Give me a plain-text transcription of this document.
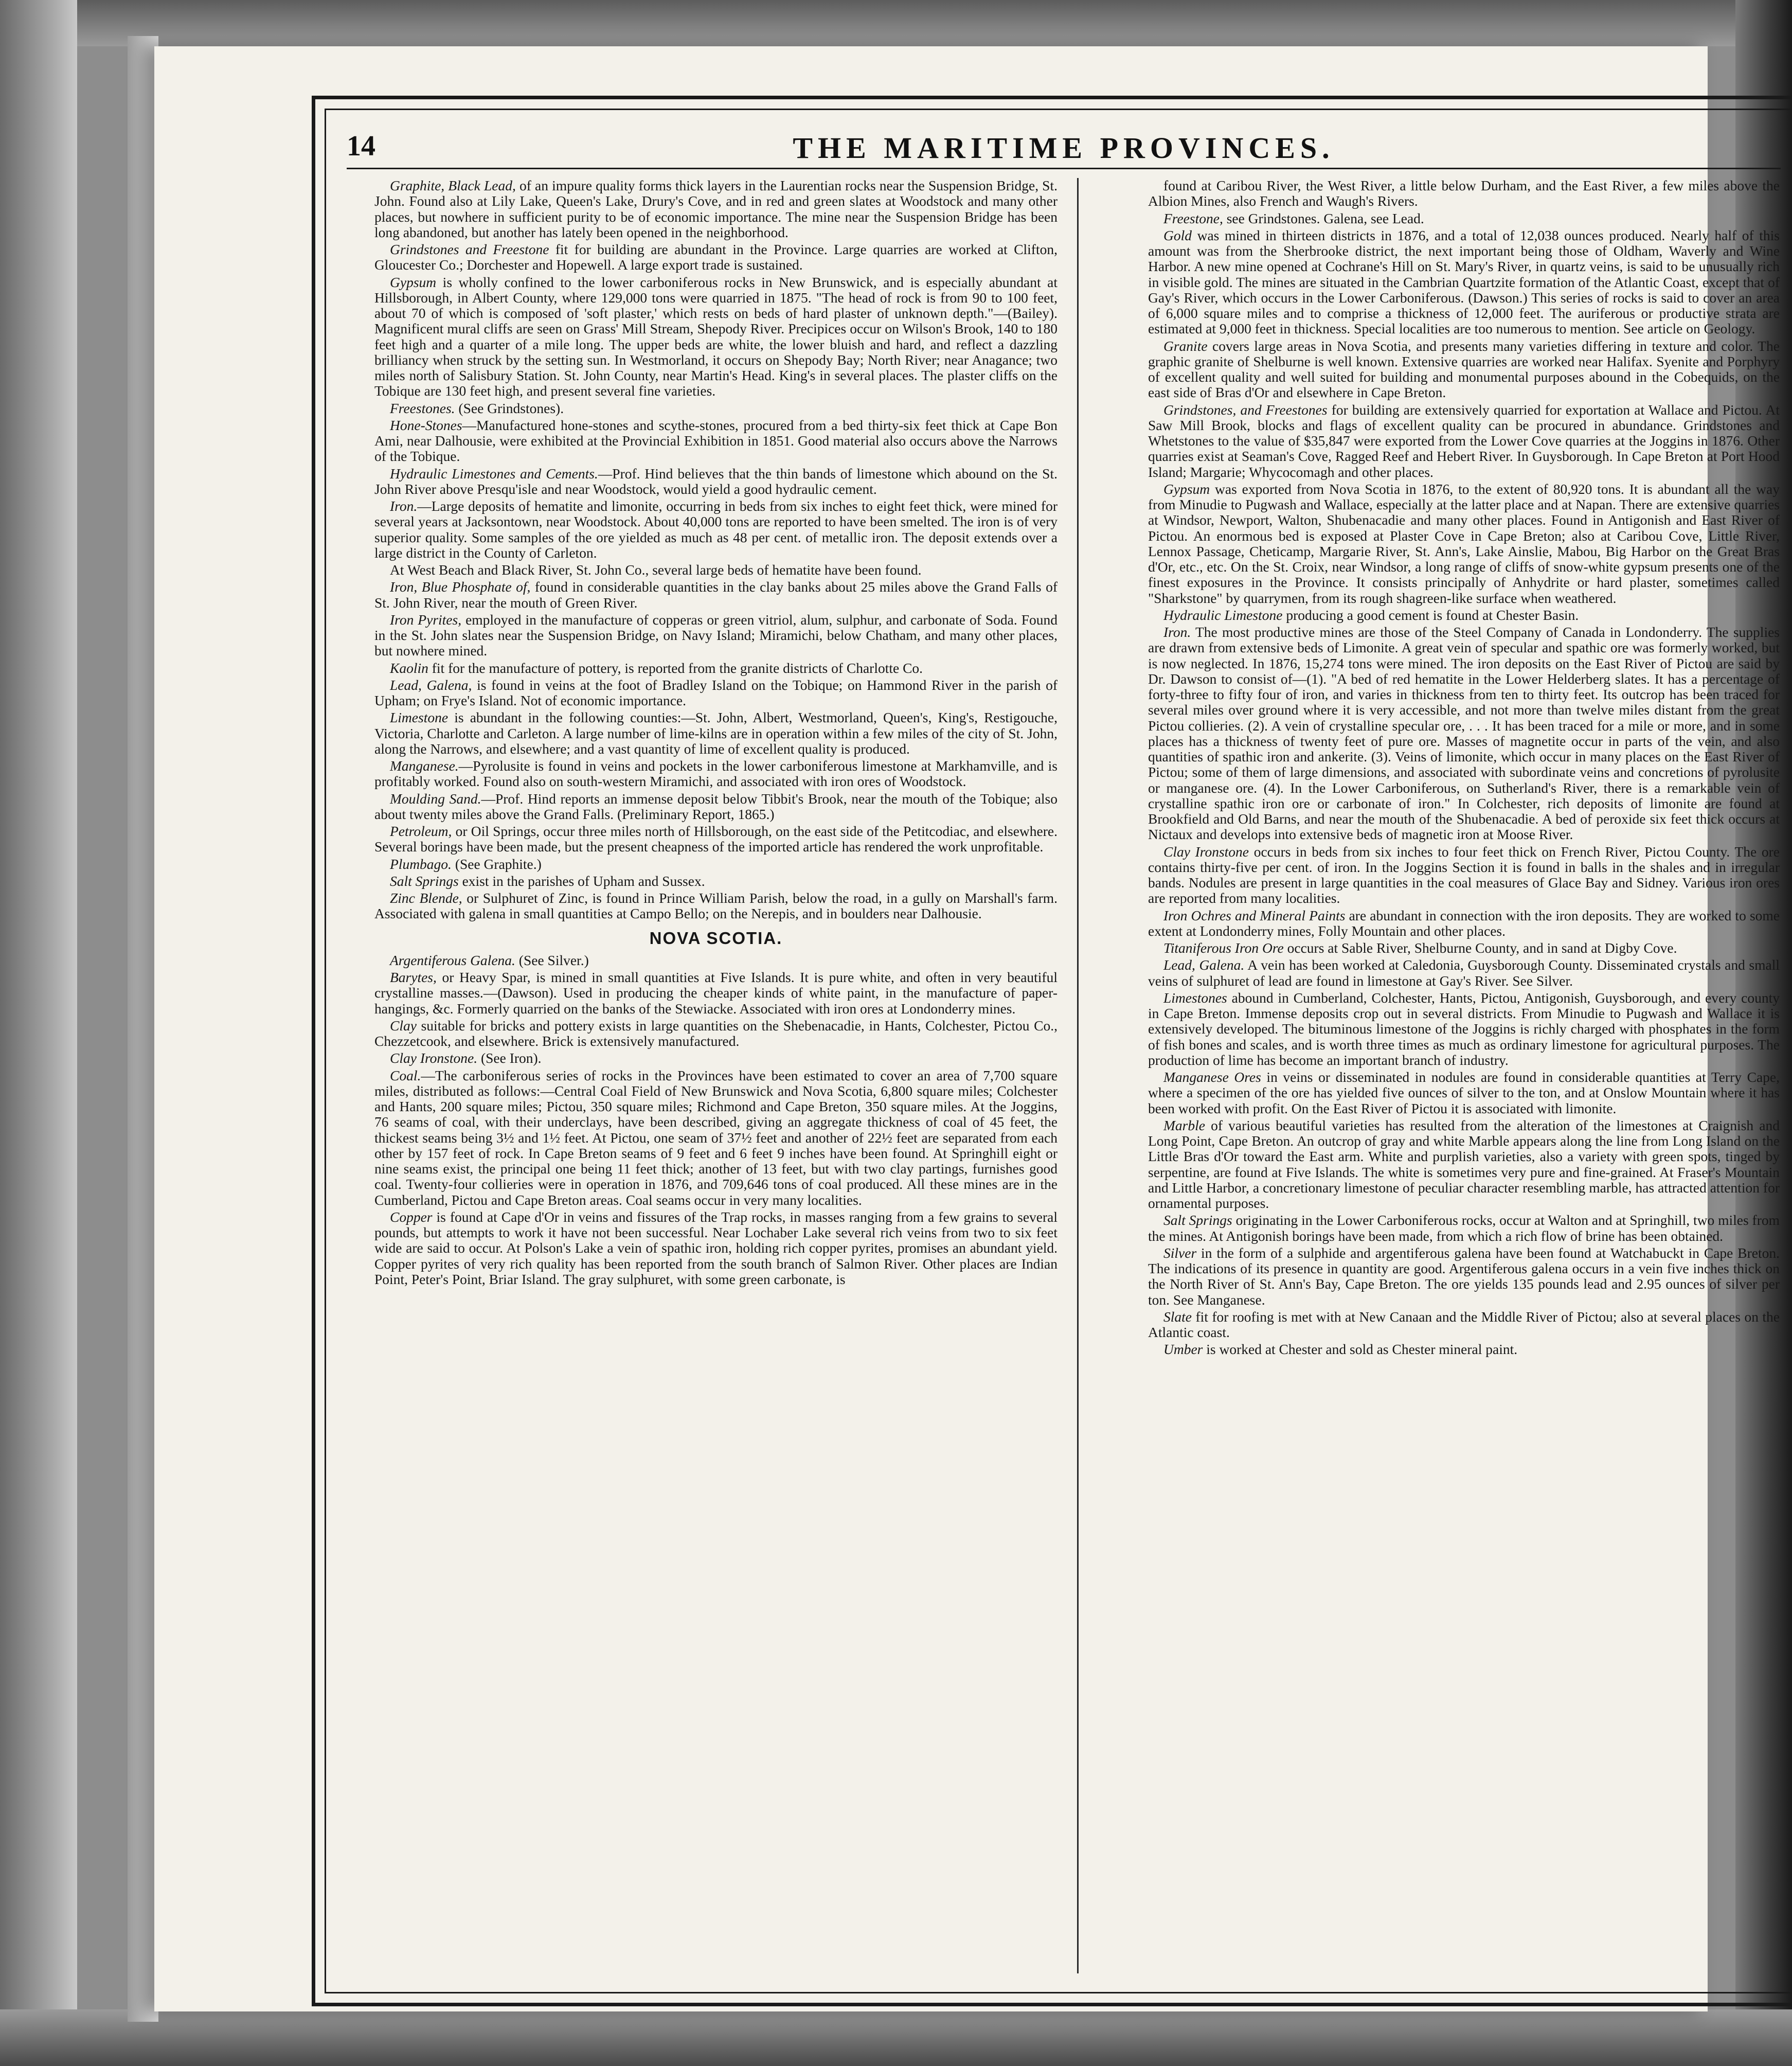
14	THE MARITIME PROVINCES.

Graphite, Black Lead, of an impure quality forms thick layers in the Laurentian rocks near the Suspension Bridge, St. John. Found also at Lily Lake, Queen's Lake, Drury's Cove, and in red and green slates at Woodstock and many other places, but nowhere in sufficient purity to be of economic importance. The mine near the Suspension Bridge has been long abandoned, but another has lately been opened in the neighborhood.

Grindstones and Freestone fit for building are abundant in the Province. Large quarries are worked at Clifton, Gloucester Co.; Dorchester and Hopewell. A large export trade is sustained.

Gypsum is wholly confined to the lower carboniferous rocks in New Brunswick, and is especially abundant at Hillsborough, in Albert County, where 129,000 tons were quarried in 1875. "The head of rock is from 90 to 100 feet, about 70 of which is composed of 'soft plaster,' which rests on beds of hard plaster of unknown depth."—(Bailey). Magnificent mural cliffs are seen on Grass' Mill Stream, Shepody River. Precipices occur on Wilson's Brook, 140 to 180 feet high and a quarter of a mile long. The upper beds are white, the lower bluish and hard, and reflect a dazzling brilliancy when struck by the setting sun. In Westmorland, it occurs on Shepody Bay; North River; near Anagance; two miles north of Salisbury Station. St. John County, near Martin's Head. King's in several places. The plaster cliffs on the Tobique are 130 feet high, and present several fine varieties.

Freestones. (See Grindstones).

Hone-Stones—Manufactured hone-stones and scythe-stones, procured from a bed thirty-six feet thick at Cape Bon Ami, near Dalhousie, were exhibited at the Provincial Exhibition in 1851. Good material also occurs above the Narrows of the Tobique.

Hydraulic Limestones and Cements.—Prof. Hind believes that the thin bands of limestone which abound on the St. John River above Presqu'isle and near Woodstock, would yield a good hydraulic cement.

Iron.—Large deposits of hematite and limonite, occurring in beds from six inches to eight feet thick, were mined for several years at Jacksontown, near Woodstock. About 40,000 tons are reported to have been smelted. The iron is of very superior quality. Some samples of the ore yielded as much as 48 per cent. of metallic iron. The deposit extends over a large district in the County of Carleton.

At West Beach and Black River, St. John Co., several large beds of hematite have been found.

Iron, Blue Phosphate of, found in considerable quantities in the clay banks about 25 miles above the Grand Falls of St. John River, near the mouth of Green River.

Iron Pyrites, employed in the manufacture of copperas or green vitriol, alum, sulphur, and carbonate of Soda. Found in the St. John slates near the Suspension Bridge, on Navy Island; Miramichi, below Chatham, and many other places, but nowhere mined.

Kaolin fit for the manufacture of pottery, is reported from the granite districts of Charlotte Co.

Lead, Galena, is found in veins at the foot of Bradley Island on the Tobique; on Hammond River in the parish of Upham; on Frye's Island. Not of economic importance.

Limestone is abundant in the following counties:—St. John, Albert, Westmorland, Queen's, King's, Restigouche, Victoria, Charlotte and Carleton. A large number of lime-kilns are in operation within a few miles of the city of St. John, along the Narrows, and elsewhere; and a vast quantity of lime of excellent quality is produced.

Manganese.—Pyrolusite is found in veins and pockets in the lower carboniferous limestone at Markhamville, and is profitably worked. Found also on south-western Miramichi, and associated with iron ores of Woodstock.

Moulding Sand.—Prof. Hind reports an immense deposit below Tibbit's Brook, near the mouth of the Tobique; also about twenty miles above the Grand Falls. (Preliminary Report, 1865.)

Petroleum, or Oil Springs, occur three miles north of Hillsborough, on the east side of the Petitcodiac, and elsewhere. Several borings have been made, but the present cheapness of the imported article has rendered the work unprofitable.

Plumbago. (See Graphite.)

Salt Springs exist in the parishes of Upham and Sussex.

Zinc Blende, or Sulphuret of Zinc, is found in Prince William Parish, below the road, in a gully on Marshall's farm. Associated with galena in small quantities at Campo Bello; on the Nerepis, and in boulders near Dalhousie.

NOVA SCOTIA.

Argentiferous Galena. (See Silver.)

Barytes, or Heavy Spar, is mined in small quantities at Five Islands. It is pure white, and often in very beautiful crystalline masses.—(Dawson). Used in producing the cheaper kinds of white paint, in the manufacture of paper-hangings, &c. Formerly quarried on the banks of the Stewiacke. Associated with iron ores at Londonderry mines.

Clay suitable for bricks and pottery exists in large quantities on the Shebenacadie, in Hants, Colchester, Pictou Co., Chezzetcook, and elsewhere. Brick is extensively manufactured.

Clay Ironstone. (See Iron).

Coal.—The carboniferous series of rocks in the Provinces have been estimated to cover an area of 7,700 square miles, distributed as follows:—Central Coal Field of New Brunswick and Nova Scotia, 6,800 square miles; Colchester and Hants, 200 square miles; Pictou, 350 square miles; Richmond and Cape Breton, 350 square miles. At the Joggins, 76 seams of coal, with their underclays, have been described, giving an aggregate thickness of coal of 45 feet, the thickest seams being 3½ and 1½ feet. At Pictou, one seam of 37½ feet and another of 22½ feet are separated from each other by 157 feet of rock. In Cape Breton seams of 9 feet and 6 feet 9 inches have been found. At Springhill eight or nine seams exist, the principal one being 11 feet thick; another of 13 feet, but with two clay partings, furnishes good coal. Twenty-four collieries were in operation in 1876, and 709,646 tons of coal produced. All these mines are in the Cumberland, Pictou and Cape Breton areas. Coal seams occur in very many localities.

Copper is found at Cape d'Or in veins and fissures of the Trap rocks, in masses ranging from a few grains to several pounds, but attempts to work it have not been successful. Near Lochaber Lake several rich veins from two to six feet wide are said to occur. At Polson's Lake a vein of spathic iron, holding rich copper pyrites, promises an abundant yield. Copper pyrites of very rich quality has been reported from the south branch of Salmon River. Other places are Indian Point, Peter's Point, Briar Island. The gray sulphuret, with some green carbonate, is

found at Caribou River, the West River, a little below Durham, and the East River, a few miles above the Albion Mines, also French and Waugh's Rivers.

Freestone, see Grindstones. Galena, see Lead.

Gold was mined in thirteen districts in 1876, and a total of 12,038 ounces produced. Nearly half of this amount was from the Sherbrooke district, the next important being those of Oldham, Waverly and Wine Harbor. A new mine opened at Cochrane's Hill on St. Mary's River, in quartz veins, is said to be unusually rich in visible gold. The mines are situated in the Cambrian Quartzite formation of the Atlantic Coast, except that of Gay's River, which occurs in the Lower Carboniferous. (Dawson.) This series of rocks is said to cover an area of 6,000 square miles and to comprise a thickness of 12,000 feet. The auriferous or productive strata are estimated at 9,000 feet in thickness. Special localities are too numerous to mention. See article on Geology.

Granite covers large areas in Nova Scotia, and presents many varieties differing in texture and color. The graphic granite of Shelburne is well known. Extensive quarries are worked near Halifax. Syenite and Porphyry of excellent quality and well suited for building and monumental purposes abound in the Cobequids, on the east side of Bras d'Or and elsewhere in Cape Breton.

Grindstones, and Freestones for building are extensively quarried for exportation at Wallace and Pictou. At Saw Mill Brook, blocks and flags of excellent quality can be procured in abundance. Grindstones and Whetstones to the value of $35,847 were exported from the Lower Cove quarries at the Joggins in 1876. Other quarries exist at Seaman's Cove, Ragged Reef and Hebert River. In Guysborough. In Cape Breton at Port Hood Island; Margarie; Whycocomagh and other places.

Gypsum was exported from Nova Scotia in 1876, to the extent of 80,920 tons. It is abundant all the way from Minudie to Pugwash and Wallace, especially at the latter place and at Napan. There are extensive quarries at Windsor, Newport, Walton, Shubenacadie and many other places. Found in Antigonish and East River of Pictou. An enormous bed is exposed at Plaster Cove in Cape Breton; also at Caribou Cove, Little River, Lennox Passage, Cheticamp, Margarie River, St. Ann's, Lake Ainslie, Mabou, Big Harbor on the Great Bras d'Or, etc., etc. On the St. Croix, near Windsor, a long range of cliffs of snow-white gypsum presents one of the finest exposures in the Province. It consists principally of Anhydrite or hard plaster, sometimes called "Sharkstone" by quarrymen, from its rough shagreen-like surface when weathered.

Hydraulic Limestone producing a good cement is found at Chester Basin.

Iron. The most productive mines are those of the Steel Company of Canada in Londonderry. The supplies are drawn from extensive beds of Limonite. A great vein of specular and spathic ore was formerly worked, but is now neglected. In 1876, 15,274 tons were mined. The iron deposits on the East River of Pictou are said by Dr. Dawson to consist of—(1). "A bed of red hematite in the Lower Helderberg slates. It has a percentage of forty-three to fifty four of iron, and varies in thickness from ten to thirty feet. Its outcrop has been traced for several miles over ground where it is very accessible, and not more than twelve miles distant from the great Pictou collieries. (2). A vein of crystalline specular ore, . . . It has been traced for a mile or more, and in some places has a thickness of twenty feet of pure ore. Masses of magnetite occur in parts of the vein, and also quantities of spathic iron and ankerite. (3). Veins of limonite, which occur in many places on the East River of Pictou; some of them of large dimensions, and associated with subordinate veins and concretions of pyrolusite or manganese ore. (4). In the Lower Carboniferous, on Sutherland's River, there is a remarkable vein of crystalline spathic iron ore or carbonate of iron." In Colchester, rich deposits of limonite are found at Brookfield and Old Barns, and near the mouth of the Shubenacadie. A bed of peroxide six feet thick occurs at Nictaux and develops into extensive beds of magnetic iron at Moose River.

Clay Ironstone occurs in beds from six inches to four feet thick on French River, Pictou County. The ore contains thirty-five per cent. of iron. In the Joggins Section it is found in balls in the shales and in irregular bands. Nodules are present in large quantities in the coal measures of Glace Bay and Sidney. Various iron ores are reported from many localities.

Iron Ochres and Mineral Paints are abundant in connection with the iron deposits. They are worked to some extent at Londonderry mines, Folly Mountain and other places.

Titaniferous Iron Ore occurs at Sable River, Shelburne County, and in sand at Digby Cove.

Lead, Galena. A vein has been worked at Caledonia, Guysborough County. Disseminated crystals and small veins of sulphuret of lead are found in limestone at Gay's River. See Silver.

Limestones abound in Cumberland, Colchester, Hants, Pictou, Antigonish, Guysborough, and every county in Cape Breton. Immense deposits crop out in several districts. From Minudie to Pugwash and Wallace it is extensively developed. The bituminous limestone of the Joggins is richly charged with phosphates in the form of fish bones and scales, and is worth three times as much as ordinary limestone for agricultural purposes. The production of lime has become an important branch of industry.

Manganese Ores in veins or disseminated in nodules are found in considerable quantities at Terry Cape, where a specimen of the ore has yielded five ounces of silver to the ton, and at Onslow Mountain where it has been worked with profit. On the East River of Pictou it is associated with limonite.

Marble of various beautiful varieties has resulted from the alteration of the limestones at Craignish and Long Point, Cape Breton. An outcrop of gray and white Marble appears along the line from Long Island on the Little Bras d'Or toward the East arm. White and purplish varieties, also a variety with green spots, tinged by serpentine, are found at Five Islands. The white is sometimes very pure and fine-grained. At Fraser's Mountain and Little Harbor, a concretionary limestone of peculiar character resembling marble, has attracted attention for ornamental purposes.

Salt Springs originating in the Lower Carboniferous rocks, occur at Walton and at Springhill, two miles from the mines. At Antigonish borings have been made, from which a rich flow of brine has been obtained.

Silver in the form of a sulphide and argentiferous galena have been found at Watchabuckt in Cape Breton. The indications of its presence in quantity are good. Argentiferous galena occurs in a vein five inches thick on the North River of St. Ann's Bay, Cape Breton. The ore yields 135 pounds lead and 2.95 ounces of silver per ton. See Manganese.

Slate fit for roofing is met with at New Canaan and the Middle River of Pictou; also at several places on the Atlantic coast.

Umber is worked at Chester and sold as Chester mineral paint.
